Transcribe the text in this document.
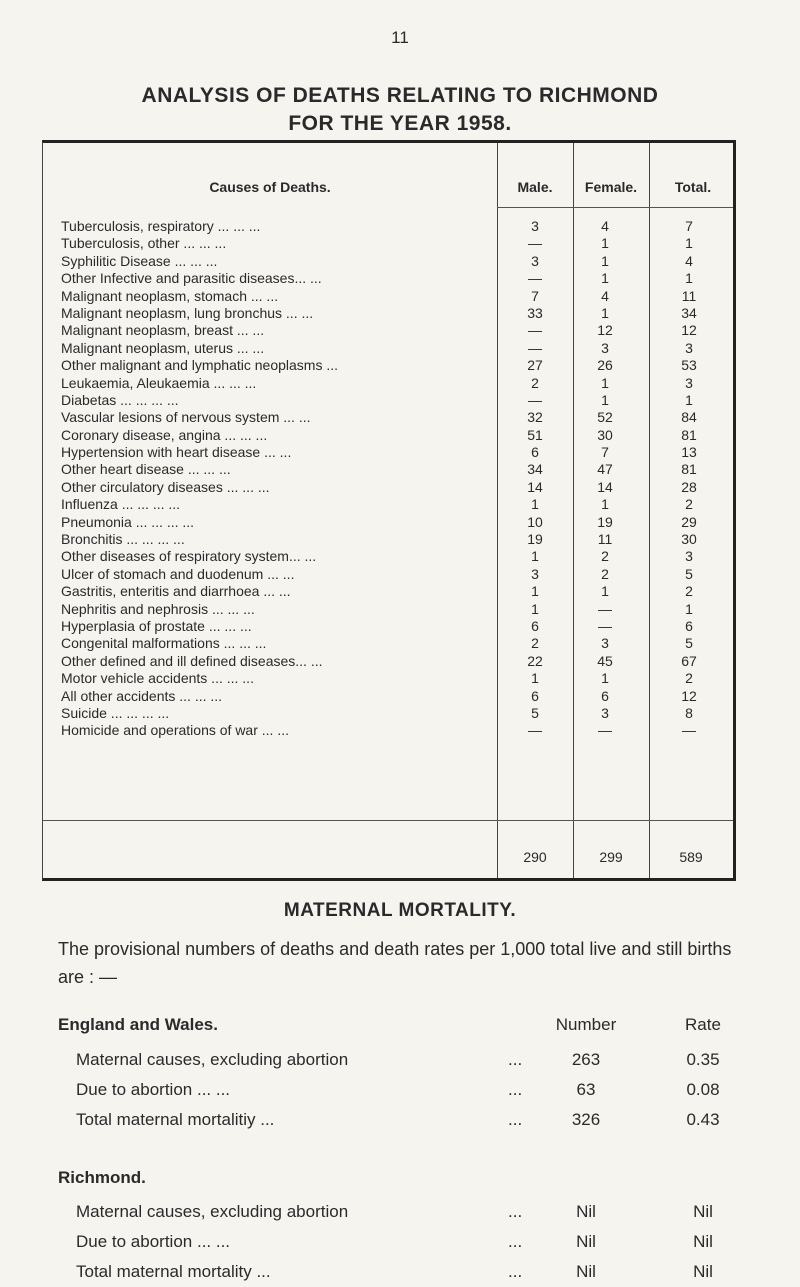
11
ANALYSIS OF DEATHS RELATING TO RICHMOND
FOR THE YEAR 1958.
Causes of Deaths.	Male.	Female.	Total.
Tuberculosis, respiratory ... ... ...	3	4	7
Tuberculosis, other ... ... ...	—	1	1
Syphilitic Disease ... ... ...	3	1	4
Other Infective and parasitic diseases... ...	—	1	1
Malignant neoplasm, stomach ... ...	7	4	11
Malignant neoplasm, lung bronchus ... ...	33	1	34
Malignant neoplasm, breast ... ...	—	12	12
Malignant neoplasm, uterus ... ...	—	3	3
Other malignant and lymphatic neoplasms ...	27	26	53
Leukaemia, Aleukaemia ... ... ...	2	1	3
Diabetas ... ... ... ...	—	1	1
Vascular lesions of nervous system ... ...	32	52	84
Coronary disease, angina ... ... ...	51	30	81
Hypertension with heart disease ... ...	6	7	13
Other heart disease ... ... ...	34	47	81
Other circulatory diseases ... ... ...	14	14	28
Influenza ... ... ... ...	1	1	2
Pneumonia ... ... ... ...	10	19	29
Bronchitis ... ... ... ...	19	11	30
Other diseases of respiratory system... ...	1	2	3
Ulcer of stomach and duodenum ... ...	3	2	5
Gastritis, enteritis and diarrhoea ... ...	1	1	2
Nephritis and nephrosis ... ... ...	1	—	1
Hyperplasia of prostate ... ... ...	6	—	6
Congenital malformations ... ... ...	2	3	5
Other defined and ill defined diseases... ...	22	45	67
Motor vehicle accidents ... ... ...	1	1	2
All other accidents ... ... ...	6	6	12
Suicide ... ... ... ...	5	3	8
Homicide and operations of war ... ...	—	—	—
290	299	589
MATERNAL MORTALITY.
The provisional numbers of deaths and death rates per 1,000 total live and still births are : —
Number	Rate
England and Wales.
Maternal causes, excluding abortion	...	263	0.35
Due to abortion ... ...	...	63	0.08
Total maternal mortalitiy ...	...	326	0.43
Richmond.
Maternal causes, excluding abortion	...	Nil	Nil
Due to abortion ... ...	...	Nil	Nil
Total maternal mortality ...	...	Nil	Nil
